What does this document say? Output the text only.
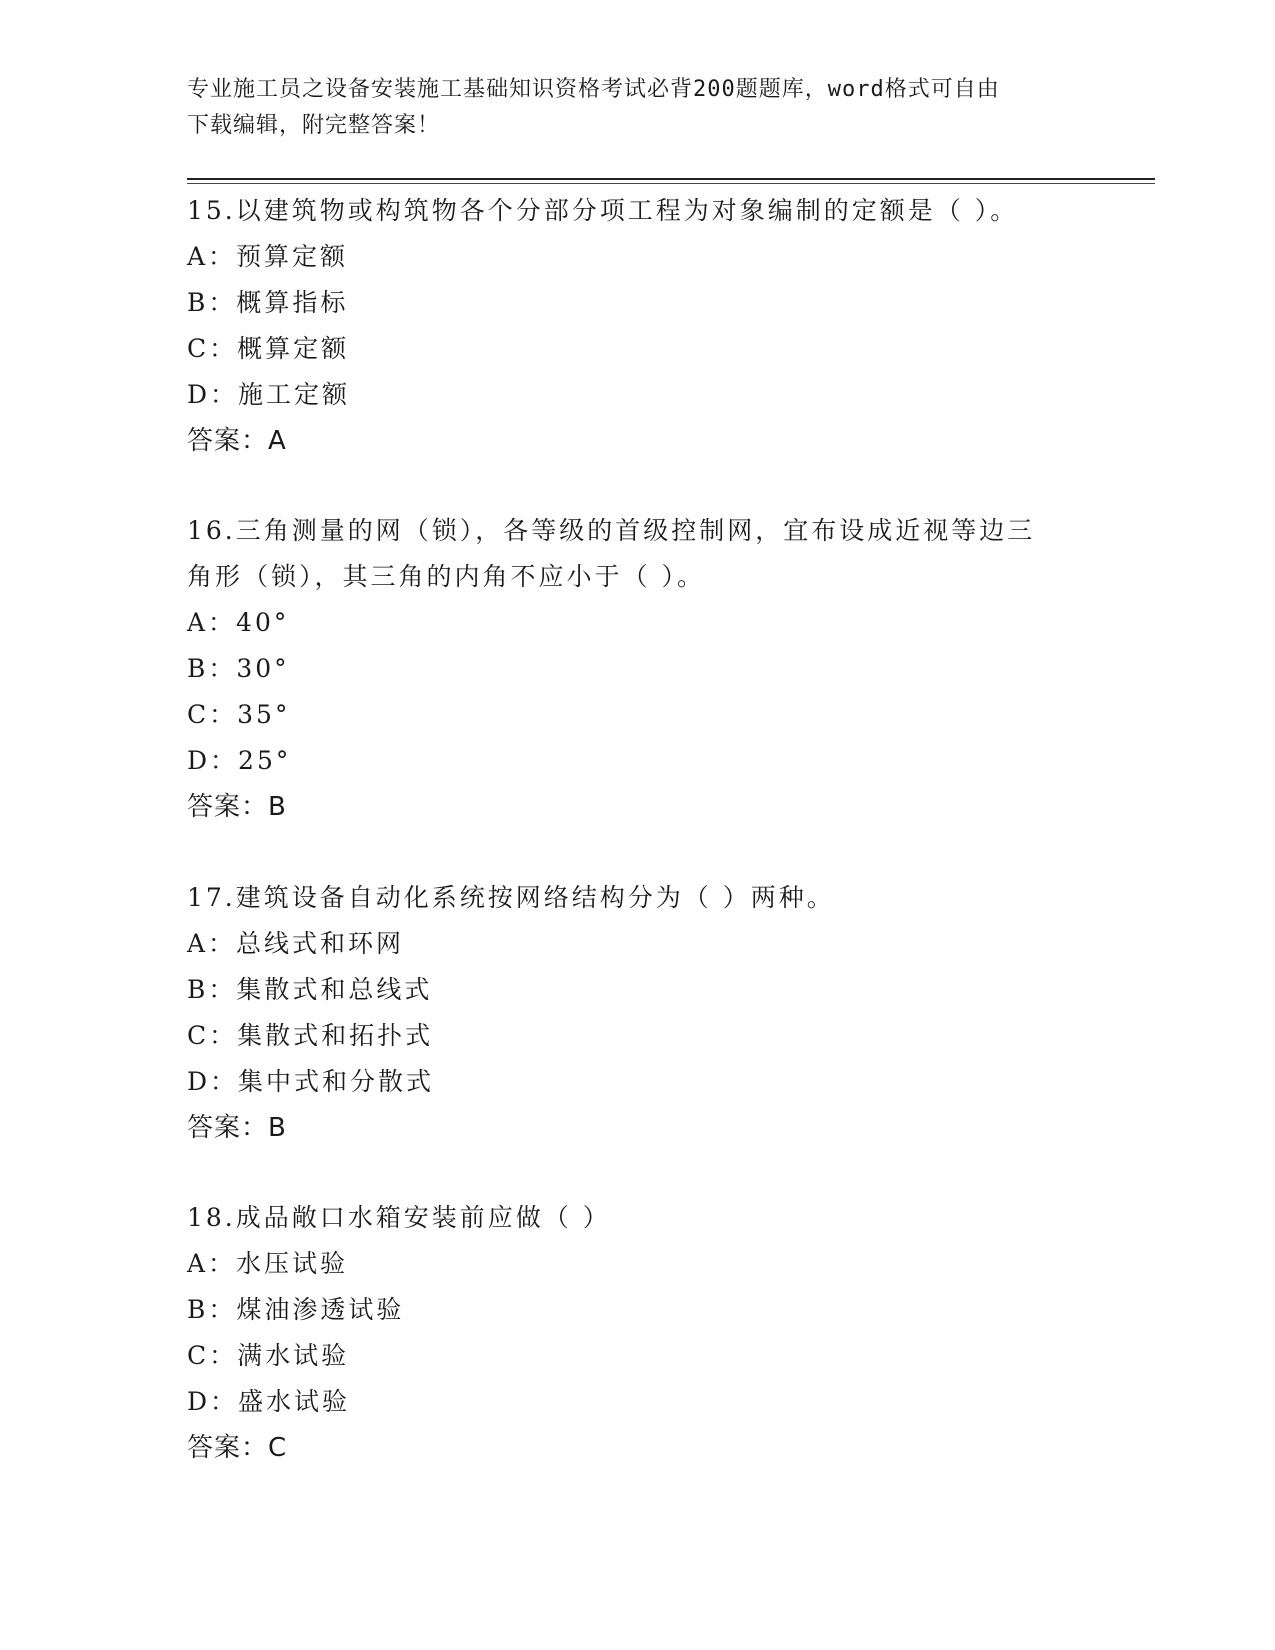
专业施工员之设备安装施工基础知识资格考试必背200题题库，word格式可自由
下载编辑，附完整答案！
15.以建筑物或构筑物各个分部分项工程为对象编制的定额是（ ）。
A：预算定额
B：概算指标
C：概算定额
D：施工定额
答案：A
16.三角测量的网（锁），各等级的首级控制网，宜布设成近视等边三
角形（锁），其三角的内角不应小于（ ）。
A：40°
B：30°
C：35°
D：25°
答案：B
17.建筑设备自动化系统按网络结构分为（ ）两种。
A：总线式和环网
B：集散式和总线式
C：集散式和拓扑式
D：集中式和分散式
答案：B
18.成品敞口水箱安装前应做（ ）
A：水压试验
B：煤油渗透试验
C：满水试验
D：盛水试验
答案：C
